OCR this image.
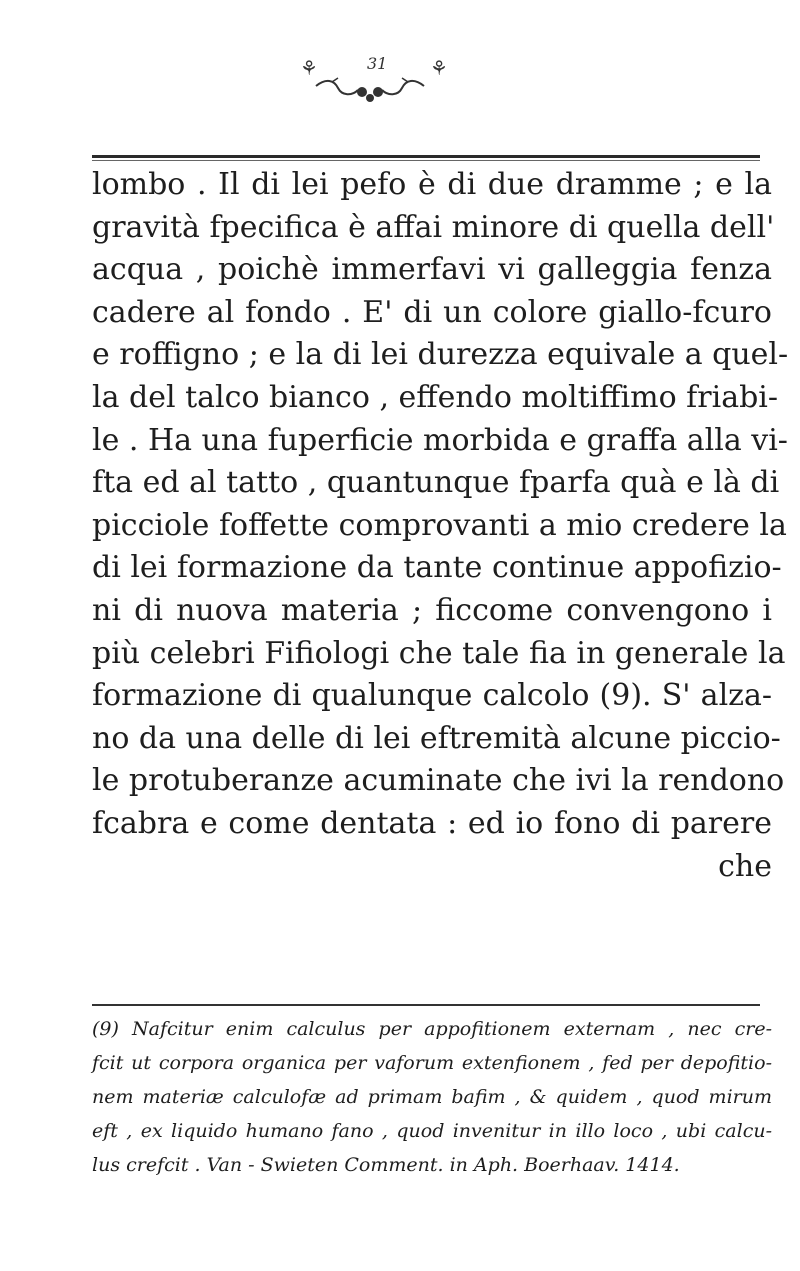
⚘	31 ⚘
lombo . Il di lei pefo è di due dramme ; e la
gravità fpecifica è affai minore di quella dell'
acqua , poichè immerfavi vi galleggia fenza
cadere al fondo . E' di un colore giallo-fcuro
e roffigno ; e la di lei durezza equivale a quel-
la del talco bianco , effendo moltiffimo friabi-
le . Ha una fuperficie morbida e graffa alla vi-
fta ed al tatto , quantunque fparfa quà e là di
picciole foffette comprovanti a mio credere la
di lei formazione da tante continue appofizio-
ni di nuova materia ; ficcome convengono i
più celebri Fifiologi che tale fia in generale la
formazione di qualunque calcolo (9). S' alza-
no da una delle di lei eftremità alcune piccio-
le protuberanze acuminate che ivi la rendono
fcabra e come dentata : ed io fono di parere
che
(9) Nafcitur enim calculus per appofitionem externam , nec cre-
fcit ut corpora organica per vaforum extenfionem , fed per depofitio-
nem materiæ calculofæ ad primam bafim , & quidem , quod mirum
eft , ex liquido humano fano , quod invenitur in illo loco , ubi calcu-
lus crefcit . Van - Swieten Comment. in Aph. Boerhaav. 1414.
